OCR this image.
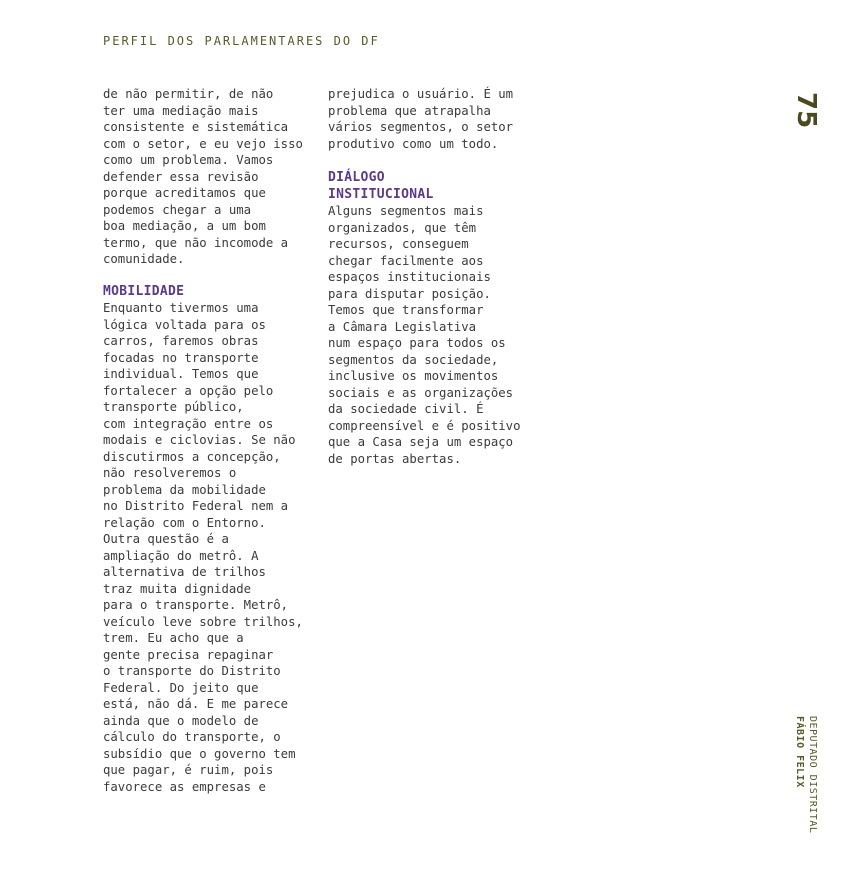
PERFIL DOS PARLAMENTARES DO DF
75
DEPUTADO DISTRITAL
FÁBIO FELIX

de não permitir, de não
ter uma mediação mais
consistente e sistemática
com o setor, e eu vejo isso
como um problema. Vamos
defender essa revisão
porque acreditamos que
podemos chegar a uma
boa mediação, a um bom
termo, que não incomode a
comunidade.

MOBILIDADE

Enquanto tivermos uma
lógica voltada para os
carros, faremos obras
focadas no transporte
individual. Temos que
fortalecer a opção pelo
transporte público,
com integração entre os
modais e ciclovias. Se não
discutirmos a concepção,
não resolveremos o
problema da mobilidade
no Distrito Federal nem a
relação com o Entorno.
Outra questão é a
ampliação do metrô. A
alternativa de trilhos
traz muita dignidade
para o transporte. Metrô,
veículo leve sobre trilhos,
trem. Eu acho que a
gente precisa repaginar
o transporte do Distrito
Federal. Do jeito que
está, não dá. E me parece
ainda que o modelo de
cálculo do transporte, o
subsídio que o governo tem
que pagar, é ruim, pois
favorece as empresas e

prejudica o usuário. É um
problema que atrapalha
vários segmentos, o setor
produtivo como um todo.

DIÁLOGO
INSTITUCIONAL

Alguns segmentos mais
organizados, que têm
recursos, conseguem
chegar facilmente aos
espaços institucionais
para disputar posição.
Temos que transformar
a Câmara Legislativa
num espaço para todos os
segmentos da sociedade,
inclusive os movimentos
sociais e as organizações
da sociedade civil. É
compreensível e é positivo
que a Casa seja um espaço
de portas abertas.
